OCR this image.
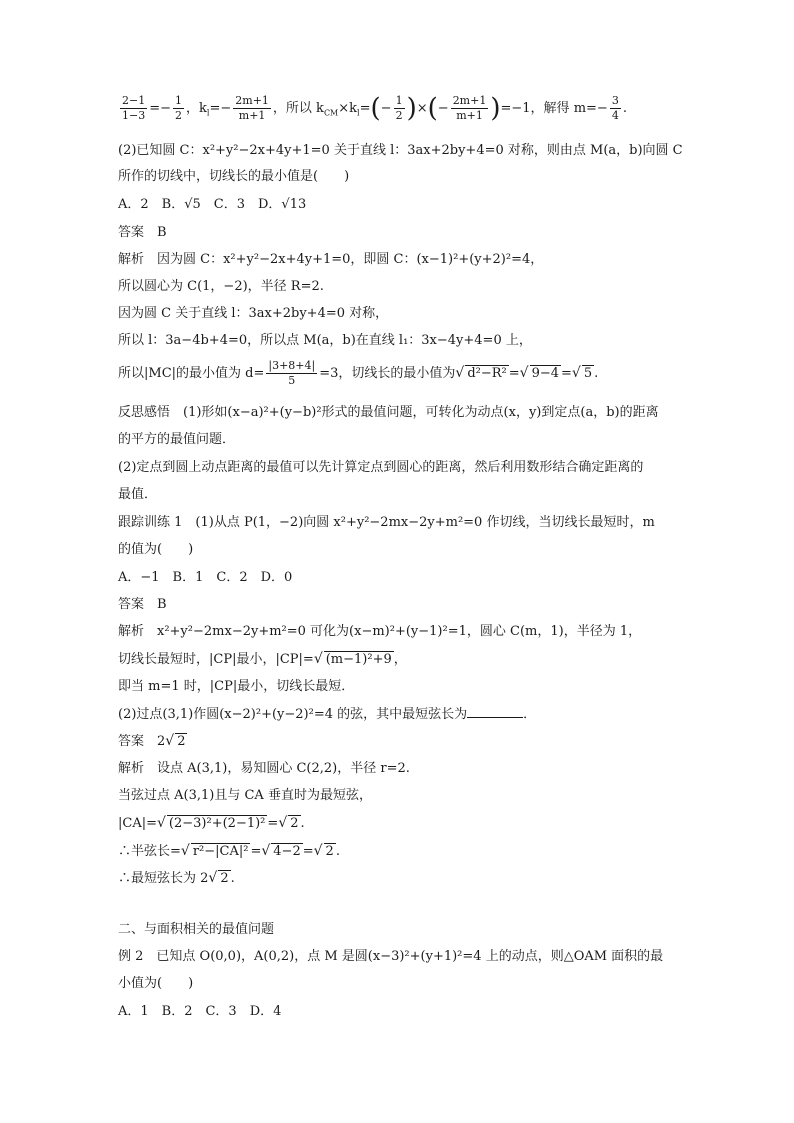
$\frac{2-1}{1-3} =- \frac{1}{2}$ ，$k_l=- \frac{2m+1}{m+1}$ ，所以 $k_{CM}\times k_l=(- \frac{1}{2}$ )×(− $\frac{2m+1}{m+1} )=-1$，解得 $m=- \frac{3}{4}$ .
(2)已知圆 C：x²+y²−2x+4y+1=0 关于直线 l：3ax+2by+4=0 对称，则由点 M(a，b)向圆 C
所作的切线中，切线长的最小值是(　　)
A．2　B．√5　C．3　D．√13
答案　B
解析　因为圆 C：x²+y²−2x+4y+1=0，即圆 C：(x−1)²+(y+2)²=4，
所以圆心为 C(1，−2)，半径 R=2.
因为圆 C 关于直线 l：3ax+2by+4=0 对称，
所以 l：3a−4b+4=0，所以点 M(a，b)在直线 l₁：3x−4y+4=0 上，
所以|MC|的最小值为 $d= \frac{|3+8+4|}{5} =3$，切线长的最小值为√ d²−R² =√ 9−4 =√ 5 .
反思感悟　(1)形如(x−a)²+(y−b)²形式的最值问题，可转化为动点(x，y)到定点(a，b)的距离
的平方的最值问题．
(2)定点到圆上动点距离的最值可以先计算定点到圆心的距离，然后利用数形结合确定距离的
最值．
跟踪训练 1　(1)从点 P(1，−2)向圆 x²+y²−2mx−2y+m²=0 作切线，当切线长最短时，m
的值为(　　)
A．−1　B．1　C．2　D．0
答案　B
解析　x²+y²−2mx−2y+m²=0 可化为(x−m)²+(y−1)²=1，圆心 C(m，1)，半径为 1，
切线长最短时，|CP|最小，|CP|=√ (m−1)²+9 ，
即当 m=1 时，|CP|最小，切线长最短．
(2)过点(3,1)作圆(x−2)²+(y−2)²=4 的弦，其中最短弦长为	．
答案　2√ 2
解析　设点 A(3,1)，易知圆心 C(2,2)，半径 r=2.
当弦过点 A(3,1)且与 CA 垂直时为最短弦，
|CA|=√ (2−3)²+(2−1)² =√ 2 .
∴半弦长=√ r²−|CA|² =√ 4−2 =√ 2 .
∴最短弦长为 2√ 2 .
二、与面积相关的最值问题
例 2　已知点 O(0,0)，A(0,2)，点 M 是圆(x−3)²+(y+1)²=4 上的动点，则△OAM 面积的最
小值为(　　)
A．1　B．2　C．3　D．4
